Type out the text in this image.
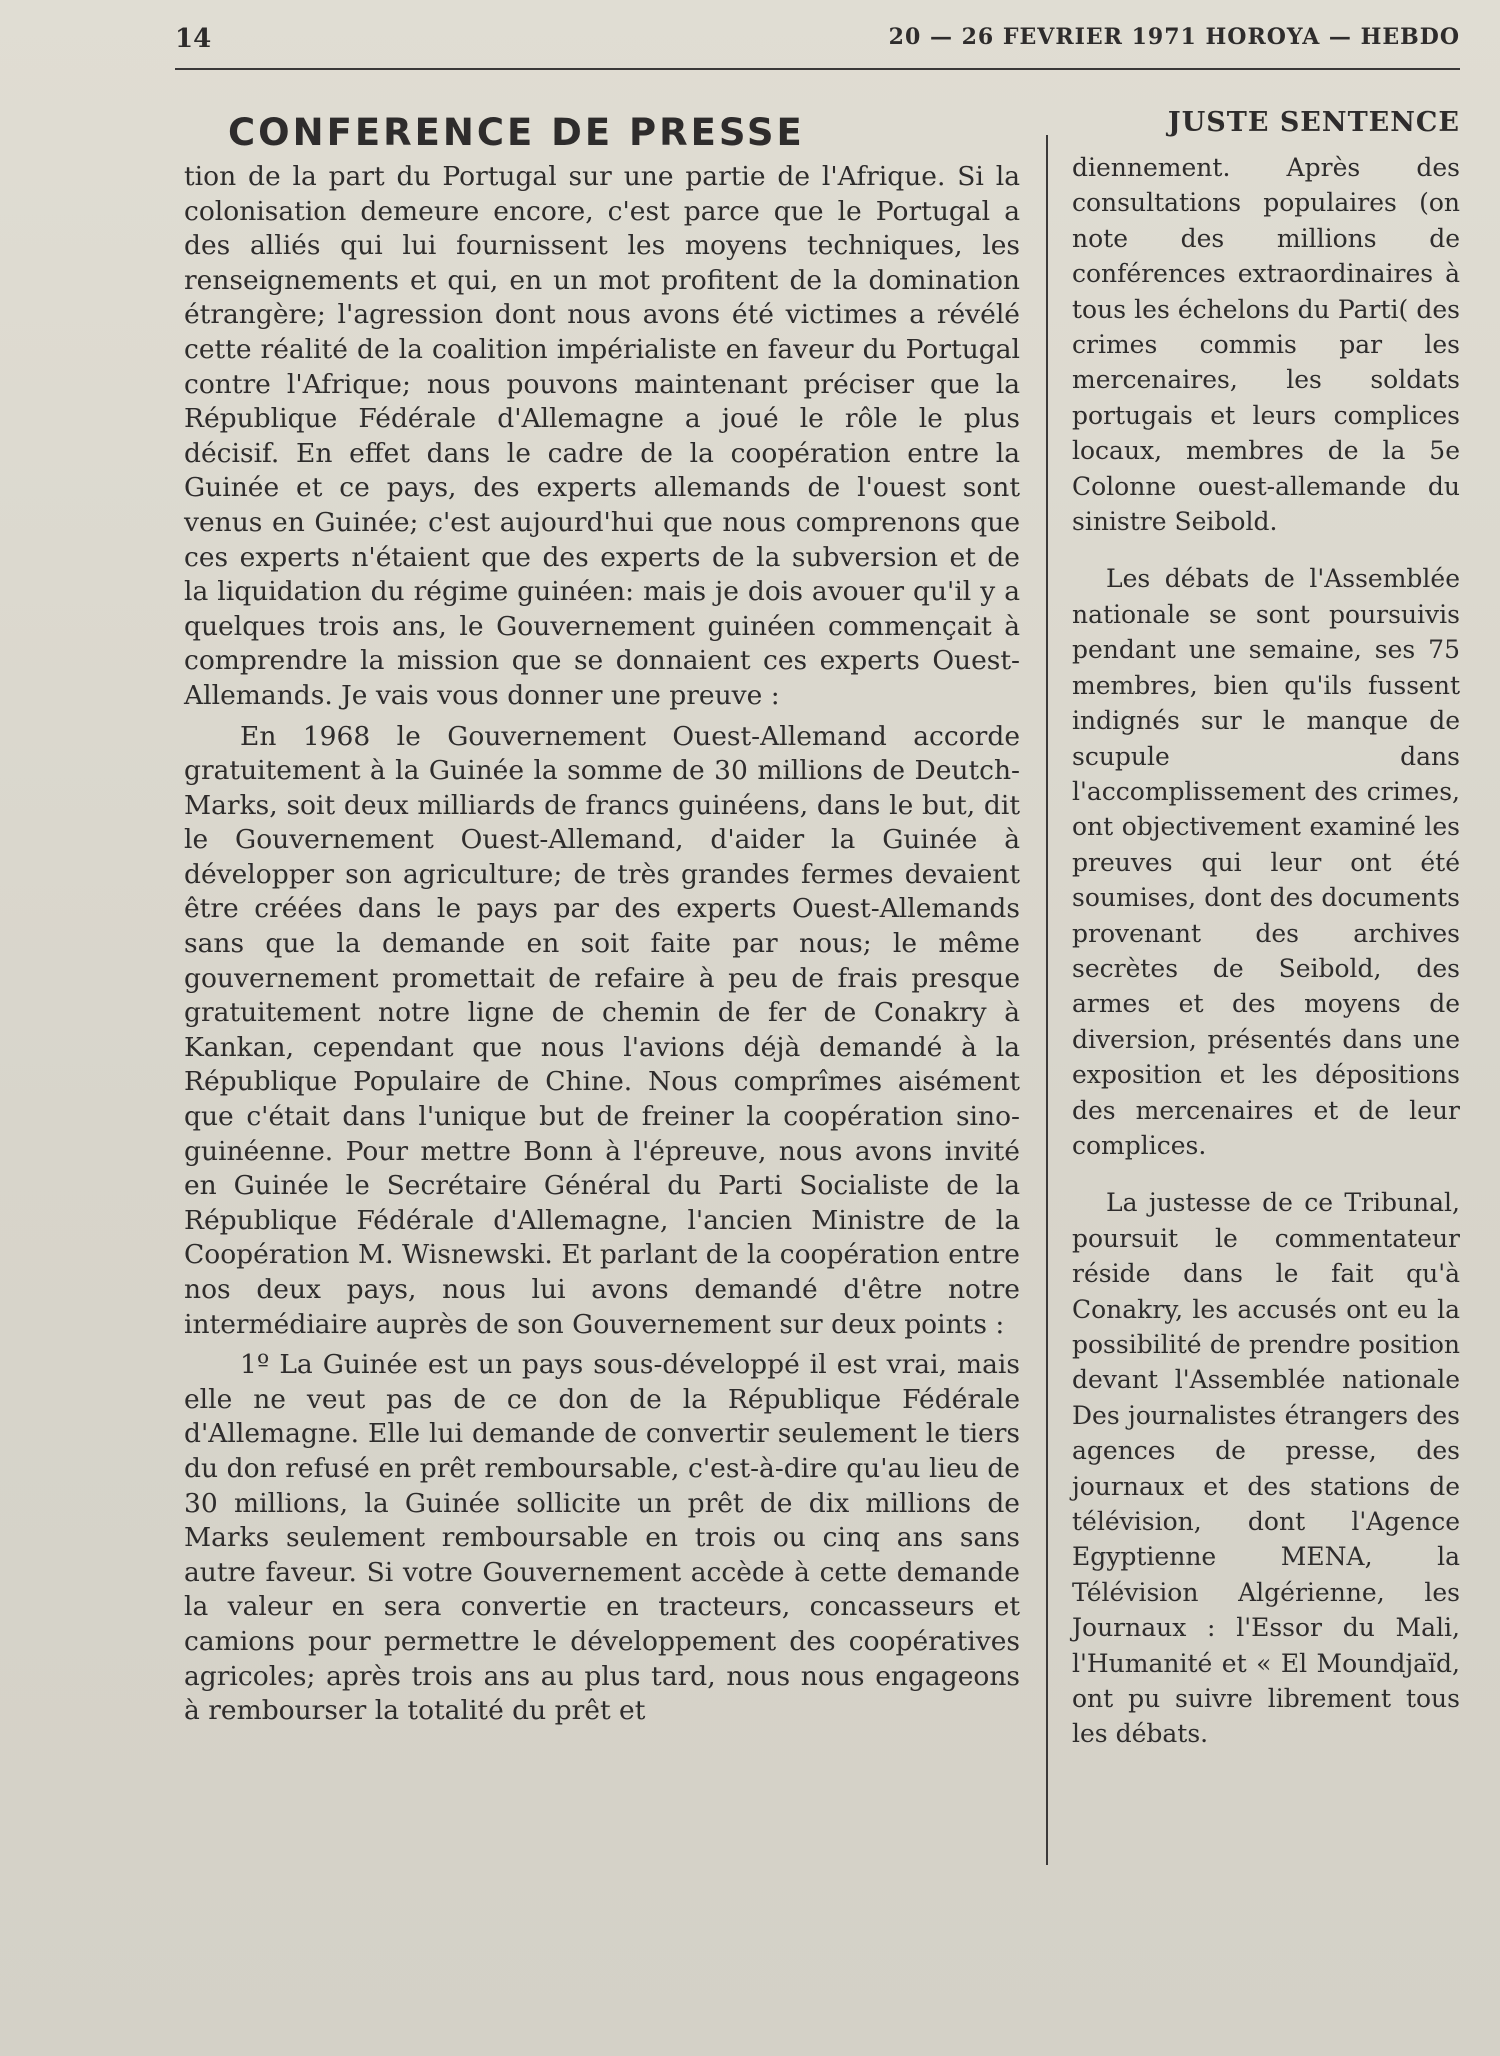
14	20 — 26 FEVRIER 1971 HOROYA — HEBDO
CONFERENCE DE PRESSE

tion de la part du Portugal sur une partie de l'Afrique. Si la colonisation demeure encore, c'est parce que le Portugal a des alliés qui lui fournissent les moyens techniques, les renseignements et qui, en un mot profitent de la domination étrangère; l'agression dont nous avons été victimes a révélé cette réalité de la coalition impérialiste en faveur du Portugal contre l'Afrique; nous pouvons maintenant préciser que la République Fédérale d'Allemagne a joué le rôle le plus décisif. En effet dans le cadre de la coopération entre la Guinée et ce pays, des experts allemands de l'ouest sont venus en Guinée; c'est aujourd'hui que nous comprenons que ces experts n'étaient que des experts de la subversion et de la liquidation du régime guinéen: mais je dois avouer qu'il y a quelques trois ans, le Gouvernement guinéen commençait à comprendre la mission que se donnaient ces experts Ouest-Allemands. Je vais vous donner une preuve :

En 1968 le Gouvernement Ouest-Allemand accorde gratuitement à la Guinée la somme de 30 millions de Deutch-Marks, soit deux milliards de francs guinéens, dans le but, dit le Gouvernement Ouest-Allemand, d'aider la Guinée à développer son agriculture; de très grandes fermes devaient être créées dans le pays par des experts Ouest-Allemands sans que la demande en soit faite par nous; le même gouvernement promettait de refaire à peu de frais presque gratuitement notre ligne de chemin de fer de Conakry à Kankan, cependant que nous l'avions déjà demandé à la République Populaire de Chine. Nous comprîmes aisément que c'était dans l'unique but de freiner la coopération sino-guinéenne. Pour mettre Bonn à l'épreuve, nous avons invité en Guinée le Secrétaire Général du Parti Socialiste de la République Fédérale d'Allemagne, l'ancien Ministre de la Coopération M. Wisnewski. Et parlant de la coopération entre nos deux pays, nous lui avons demandé d'être notre intermédiaire auprès de son Gouvernement sur deux points :

1º La Guinée est un pays sous-développé il est vrai, mais elle ne veut pas de ce don de la République Fédérale d'Allemagne. Elle lui demande de convertir seulement le tiers du don refusé en prêt remboursable, c'est-à-dire qu'au lieu de 30 millions, la Guinée sollicite un prêt de dix millions de Marks seulement remboursable en trois ou cinq ans sans autre faveur. Si votre Gouvernement accède à cette demande la valeur en sera convertie en tracteurs, concasseurs et camions pour permettre le développement des coopératives agricoles; après trois ans au plus tard, nous nous engageons à rembourser la totalité du prêt et

JUSTE SENTENCE

diennement. Après des consultations populaires (on note des millions de conférences extraordinaires à tous les échelons du Parti( des crimes commis par les mercenaires, les soldats portugais et leurs complices locaux, membres de la 5e Colonne ouest-allemande du sinistre Seibold.

Les débats de l'Assemblée nationale se sont poursuivis pendant une semaine, ses 75 membres, bien qu'ils fussent indignés sur le manque de scupule dans l'accomplissement des crimes, ont objectivement examiné les preuves qui leur ont été soumises, dont des documents provenant des archives secrètes de Seibold, des armes et des moyens de diversion, présentés dans une exposition et les dépositions des mercenaires et de leur complices.

La justesse de ce Tribunal, poursuit le commentateur réside dans le fait qu'à Conakry, les accusés ont eu la possibilité de prendre position devant l'Assemblée nationale Des journalistes étrangers des agences de presse, des journaux et des stations de télévision, dont l'Agence Egyptienne MENA, la Télévision Algérienne, les Journaux : l'Essor du Mali, l'Humanité et « El Moundjaïd, ont pu suivre librement tous les débats.
